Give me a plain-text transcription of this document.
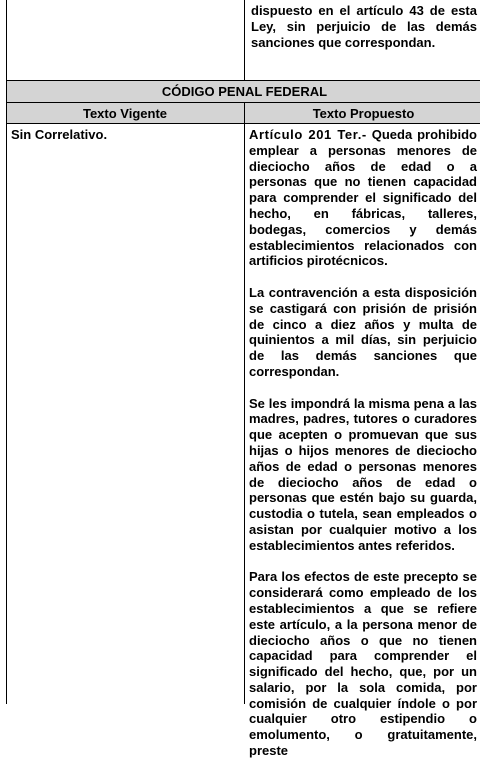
dispuesto en el artículo 43 de esta Ley, sin perjuicio de las demás sanciones que correspondan.
CÓDIGO PENAL FEDERAL
Texto Vigente	Texto Propuesto
Sin Correlativo.	Artículo 201 Ter.- Queda prohibido emplear a personas menores de dieciocho años de edad o a personas que no tienen capacidad para comprender el significado del hecho, en fábricas, talleres, bodegas, comercios y demás establecimientos relacionados con artificios pirotécnicos.

La contravención a esta disposición se castigará con prisión de prisión de cinco a diez años y multa de quinientos a mil días, sin perjuicio de las demás sanciones que correspondan.

Se les impondrá la misma pena a las madres, padres, tutores o curadores que acepten o promuevan que sus hijas o hijos menores de dieciocho años de edad o personas menores de dieciocho años de edad o personas que estén bajo su guarda, custodia o tutela, sean empleados o asistan por cualquier motivo a los establecimientos antes referidos.

Para los efectos de este precepto se considerará como empleado de los establecimientos a que se refiere este artículo, a la persona menor de dieciocho años o que no tienen capacidad para comprender el significado del hecho, que, por un salario, por la sola comida, por comisión de cualquier índole o por cualquier otro estipendio o emolumento, o gratuitamente, preste
